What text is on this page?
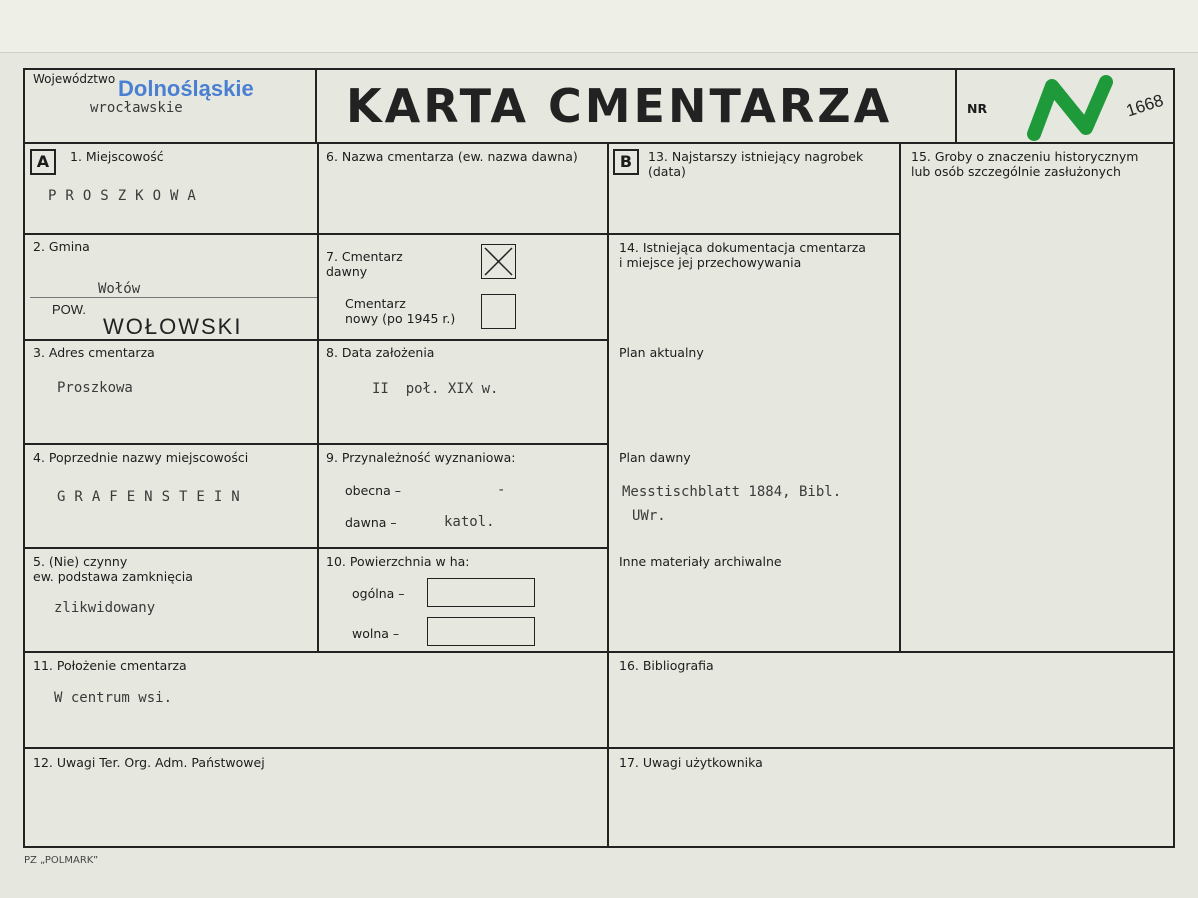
Województwo Dolnośląskie
wrocławskie	KARTA CMENTARZA	NR	1668
A	B
1. Miejscowość
PROSZKOWA
2. Gmina
Wołów
POW.
WOŁOWSKI
3. Adres cmentarza
Proszkowa
4. Poprzednie nazwy miejscowości
GRAFENSTEIN
5. (Nie) czynny
ew. podstawa zamknięcia
zlikwidowany
6. Nazwa cmentarza (ew. nazwa dawna)
7. Cmentarz
dawny
Cmentarz
nowy (po 1945 r.)
8. Data założenia
II  poł. XIX w.
9. Przynależność wyznaniowa:
obecna –	-
dawna –	katol.
10. Powierzchnia w ha:
ogólna –
wolna –
13. Najstarszy istniejący nagrobek
(data)
14. Istniejąca dokumentacja cmentarza
i miejsce jej przechowywania
Plan aktualny
Plan dawny
Messtischblatt 1884, Bibl.
UWr.
Inne materiały archiwalne
15. Groby o znaczeniu historycznym
lub osób szczególnie zasłużonych
11. Położenie cmentarza
W centrum wsi.
16. Bibliografia
12. Uwagi Ter. Org. Adm. Państwowej	17. Uwagi użytkownika
PZ „POLMARK”
